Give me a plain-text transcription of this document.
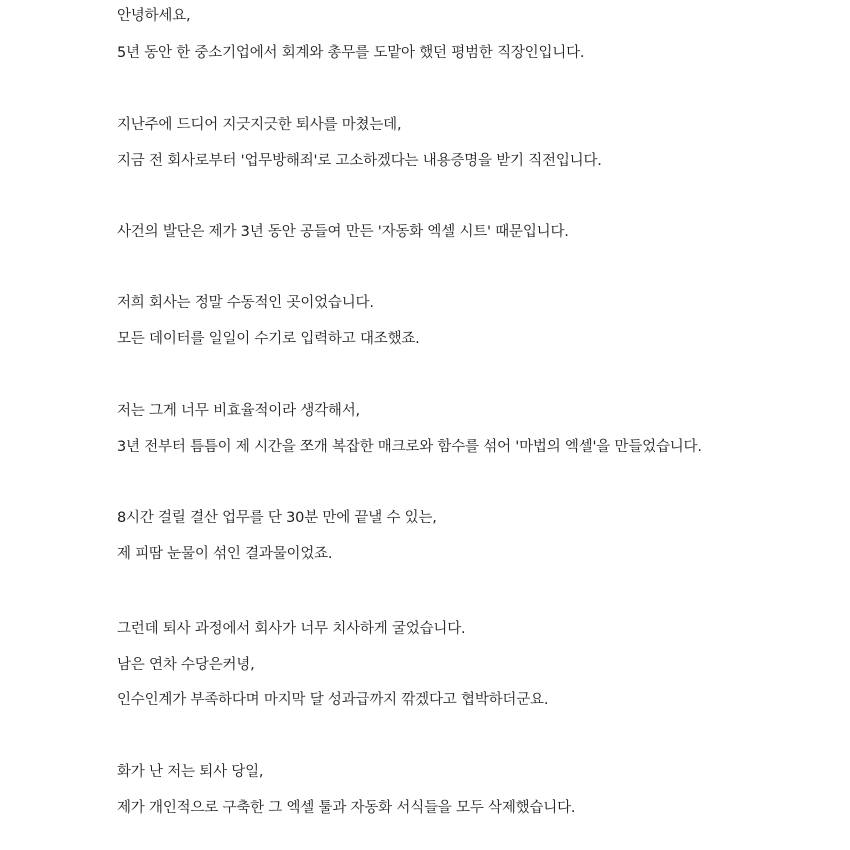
안녕하세요,

5년 동안 한 중소기업에서 회계와 총무를 도맡아 했던 평범한 직장인입니다.

지난주에 드디어 지긋지긋한 퇴사를 마쳤는데,

지금 전 회사로부터 '업무방해죄'로 고소하겠다는 내용증명을 받기 직전입니다.

사건의 발단은 제가 3년 동안 공들여 만든 '자동화 엑셀 시트' 때문입니다.

저희 회사는 정말 수동적인 곳이었습니다.

모든 데이터를 일일이 수기로 입력하고 대조했죠.

저는 그게 너무 비효율적이라 생각해서,

3년 전부터 틈틈이 제 시간을 쪼개 복잡한 매크로와 함수를 섞어 '마법의 엑셀'을 만들었습니다.

8시간 걸릴 결산 업무를 단 30분 만에 끝낼 수 있는,

제 피땀 눈물이 섞인 결과물이었죠.

그런데 퇴사 과정에서 회사가 너무 치사하게 굴었습니다.

남은 연차 수당은커녕,

인수인계가 부족하다며 마지막 달 성과급까지 깎겠다고 협박하더군요.

화가 난 저는 퇴사 당일,

제가 개인적으로 구축한 그 엑셀 툴과 자동화 서식들을 모두 삭제했습니다.
